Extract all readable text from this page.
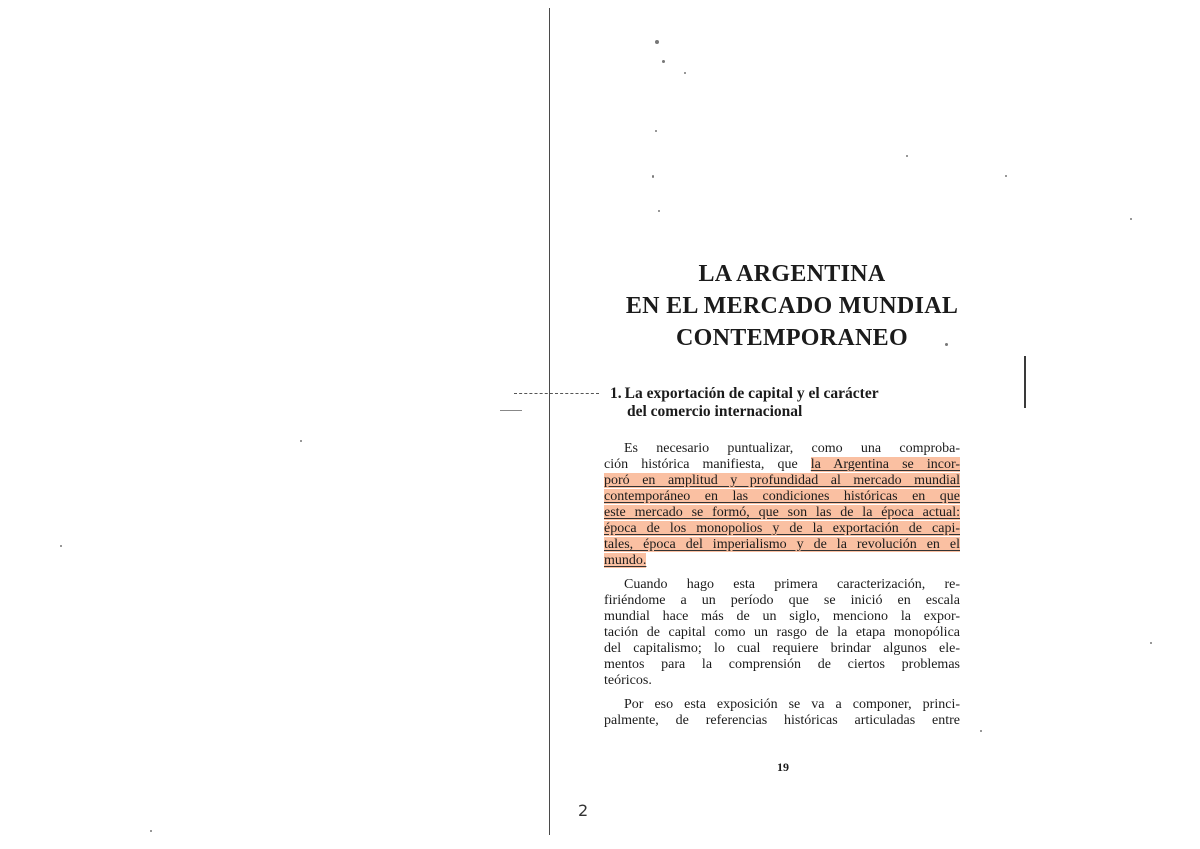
LA ARGENTINA
EN EL MERCADO MUNDIAL
CONTEMPORANEO
1. La exportación de capital y el carácter
del comercio internacional
Es necesario puntualizar, como una comproba-
ción histórica manifiesta, que la Argentina se incor-
poró en amplitud y profundidad al mercado mundial
contemporáneo en las condiciones históricas en que
este mercado se formó, que son las de la época actual:
época de los monopolios y de la exportación de capi-
tales, época del imperialismo y de la revolución en el
mundo.
Cuando hago esta primera caracterización, re-
firiéndome a un período que se inició en escala
mundial hace más de un siglo, menciono la expor-
tación de capital como un rasgo de la etapa monopólica
del capitalismo; lo cual requiere brindar algunos ele-
mentos para la comprensión de ciertos problemas
teóricos.
Por eso esta exposición se va a componer, princi-
palmente, de referencias históricas articuladas entre
19
2
